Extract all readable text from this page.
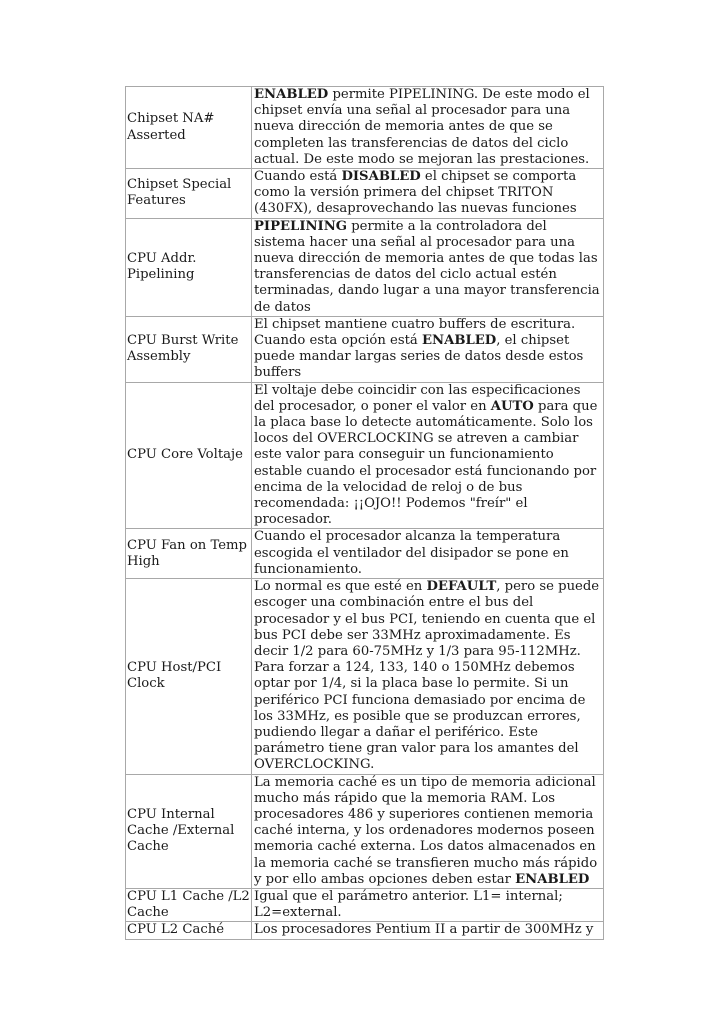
Chipset NA# Asserted	ENABLED permite PIPELINING. De este modo el chipset envía una señal al procesador para una nueva dirección de memoria antes de que se completen las transferencias de datos del ciclo actual. De este modo se mejoran las prestaciones.
Chipset Special Features	Cuando está DISABLED el chipset se comporta como la versión primera del chipset TRITON (430FX), desaprovechando las nuevas funciones
CPU Addr. Pipelining	PIPELINING permite a la controladora del sistema hacer una señal al procesador para una nueva dirección de memoria antes de que todas las transferencias de datos del ciclo actual estén terminadas, dando lugar a una mayor transferencia de datos
CPU Burst Write Assembly	El chipset mantiene cuatro buffers de escritura. Cuando esta opción está ENABLED, el chipset puede mandar largas series de datos desde estos buffers
CPU Core Voltaje	El voltaje debe coincidir con las especificaciones del procesador, o poner el valor en AUTO para que la placa base lo detecte automáticamente. Solo los locos del OVERCLOCKING se atreven a cambiar este valor para conseguir un funcionamiento estable cuando el procesador está funcionando por encima de la velocidad de reloj o de bus recomendada: ¡¡OJO!! Podemos "freír" el procesador.
CPU Fan on Temp High	Cuando el procesador alcanza la temperatura escogida el ventilador del disipador se pone en funcionamiento.
CPU Host/PCI Clock	Lo normal es que esté en DEFAULT, pero se puede escoger una combinación entre el bus del procesador y el bus PCI, teniendo en cuenta que el bus PCI debe ser 33MHz aproximadamente. Es decir 1/2 para 60-75MHz y 1/3 para 95-112MHz. Para forzar a 124, 133, 140 o 150MHz debemos optar por 1/4, si la placa base lo permite. Si un periférico PCI funciona demasiado por encima de los 33MHz, es posible que se produzcan errores, pudiendo llegar a dañar el periférico. Este parámetro tiene gran valor para los amantes del OVERCLOCKING.
CPU Internal Cache /External Cache	La memoria caché es un tipo de memoria adicional mucho más rápido que la memoria RAM. Los procesadores 486 y superiores contienen memoria caché interna, y los ordenadores modernos poseen memoria caché externa. Los datos almacenados en la memoria caché se transfieren mucho más rápido y por ello ambas opciones deben estar ENABLED
CPU L1 Cache /L2 Cache	Igual que el parámetro anterior. L1= internal; L2=external.
CPU L2 Caché	Los procesadores Pentium II a partir de 300MHz y
